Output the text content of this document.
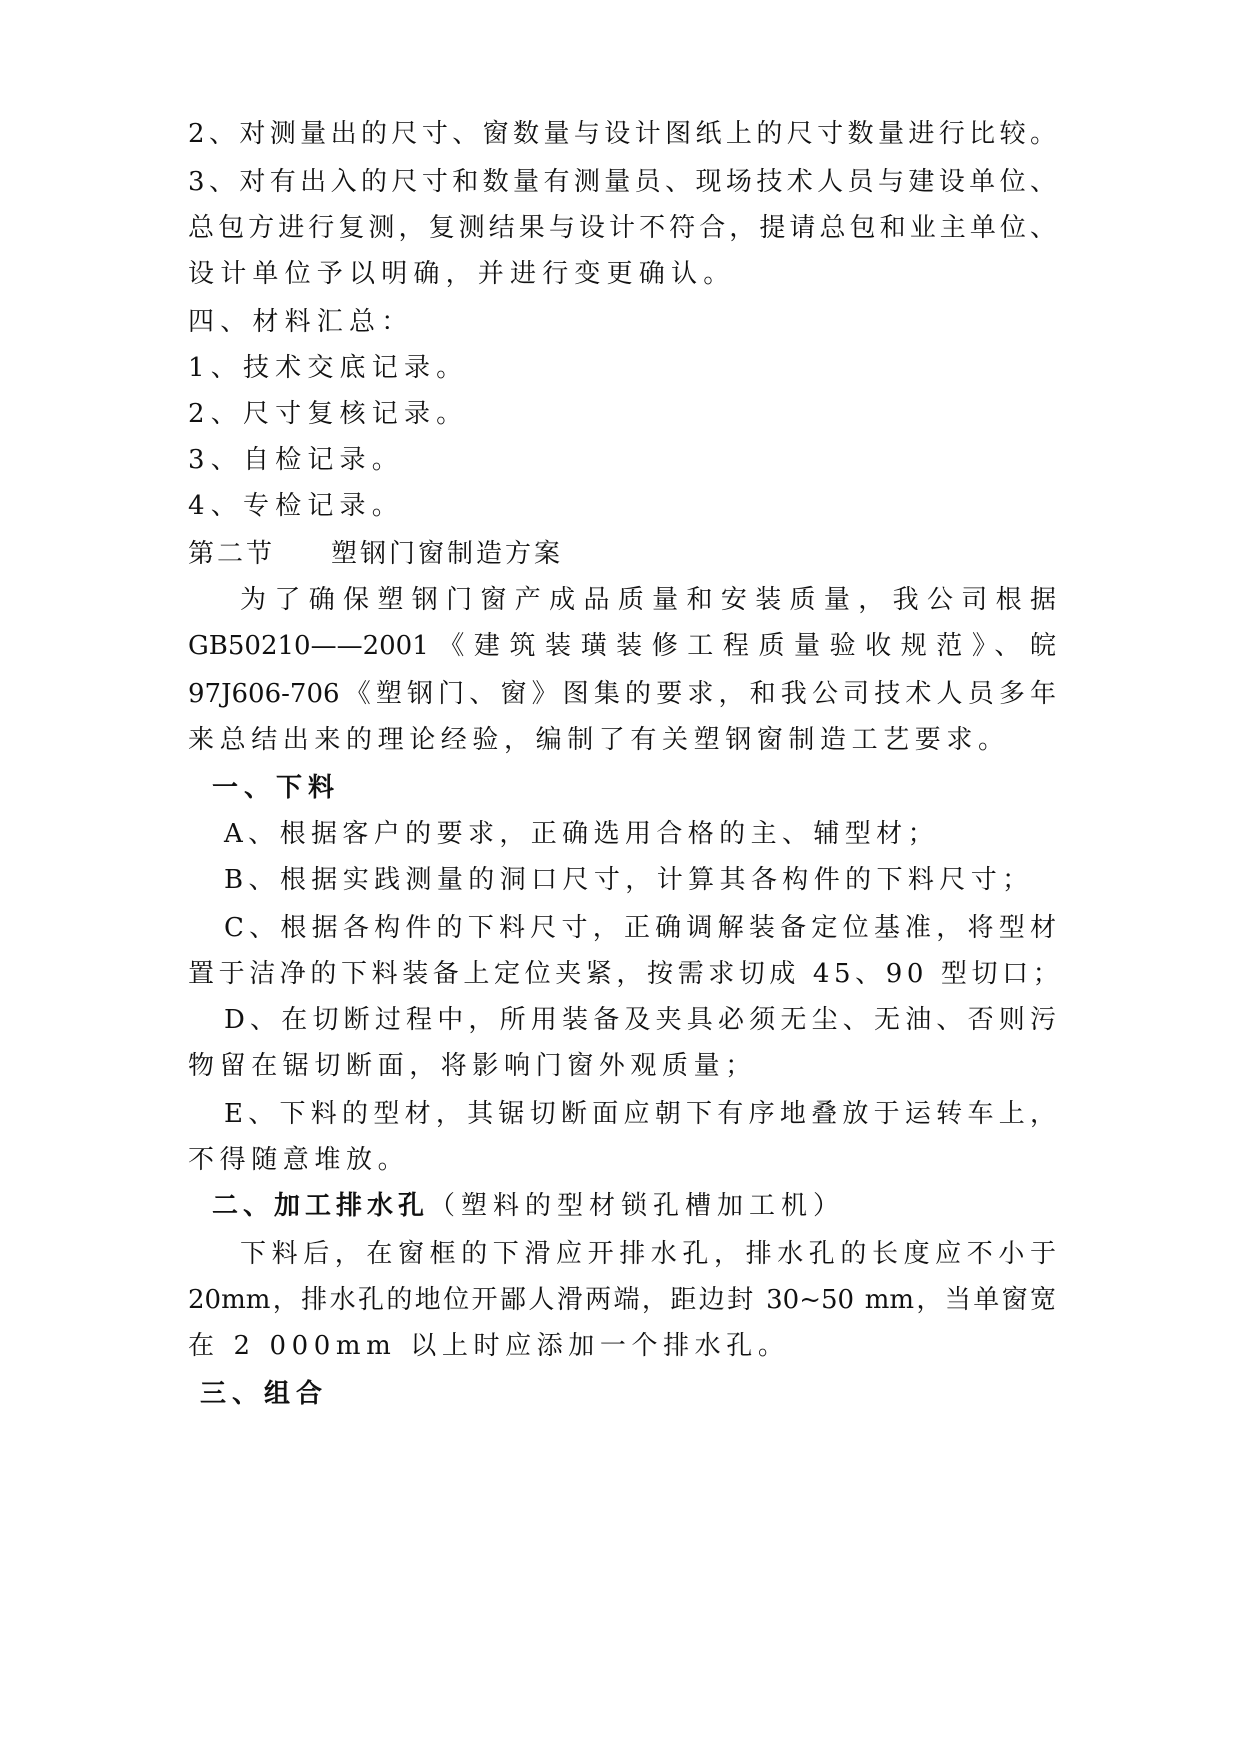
2、对测量出的尺寸、窗数量与设计图纸上的尺寸数量进行比较。
3、对有出入的尺寸和数量有测量员、现场技术人员与建设单位、
总包方进行复测，复测结果与设计不符合，提请总包和业主单位、
设计单位予以明确，并进行变更确认。
四、材料汇总：
1、技术交底记录。
2、尺寸复核记录。
3、自检记录。
4、专检记录。
第二节 塑钢门窗制造方案
为了确保塑钢门窗产成品质量和安装质量，我公司根据
GB50210——2001《建筑装璜装修工程质量验收规范》、皖
97J606-706《塑钢门、窗》图集的要求，和我公司技术人员多年
来总结出来的理论经验，编制了有关塑钢窗制造工艺要求。
一、下料
A、根据客户的要求，正确选用合格的主、辅型材；
B、根据实践测量的洞口尺寸，计算其各构件的下料尺寸；
C、根据各构件的下料尺寸，正确调解装备定位基准，将型材
置于洁净的下料装备上定位夹紧，按需求切成 45、90 型切口；
D、在切断过程中，所用装备及夹具必须无尘、无油、否则污
物留在锯切断面，将影响门窗外观质量；
E、下料的型材，其锯切断面应朝下有序地叠放于运转车上，
不得随意堆放。
二、加工排水孔（塑料的型材锁孔槽加工机）
下料后，在窗框的下滑应开排水孔，排水孔的长度应不小于
20mm，排水孔的地位开鄙人滑两端，距边封 30~50 mm，当单窗宽
在 2 000mm 以上时应添加一个排水孔。
三、组合
